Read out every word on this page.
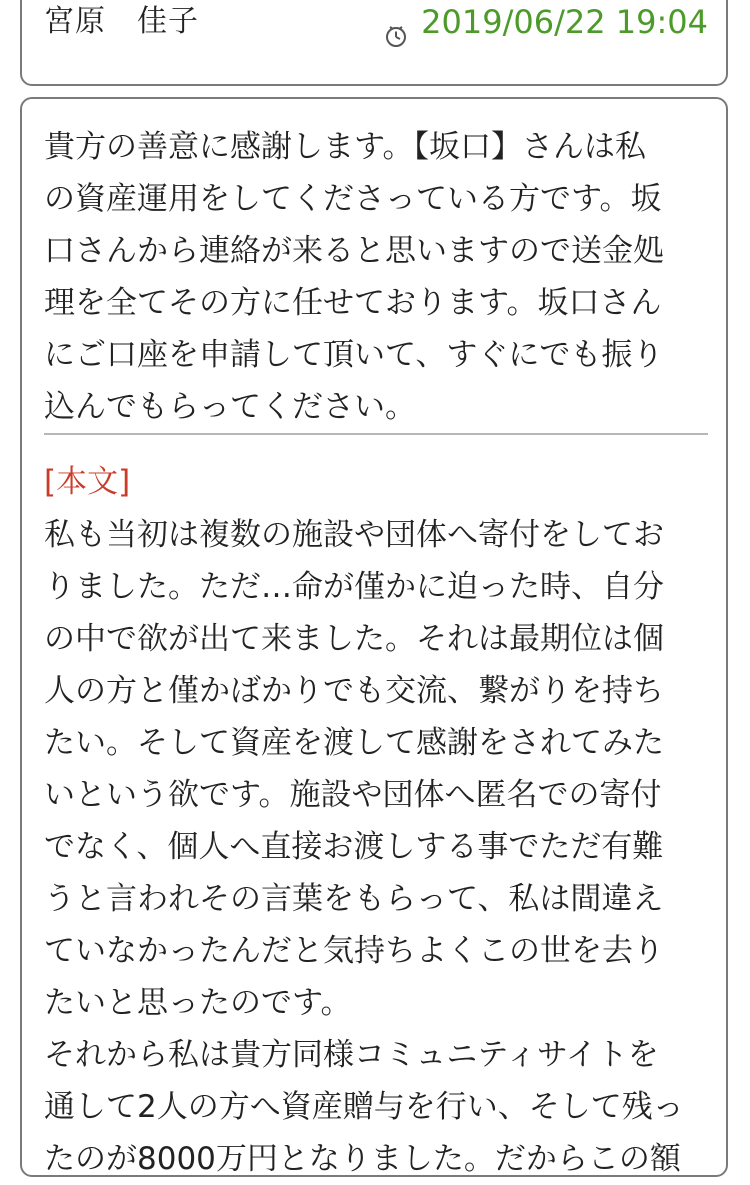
宮原　佳子	2019/06/22 19:04
貴方の善意に感謝します。【坂口】さんは私
の資産運用をしてくださっている方です。坂
口さんから連絡が来ると思いますので送金処
理を全てその方に任せております。坂口さん
にご口座を申請して頂いて、すぐにでも振り
込んでもらってください。
[本文]
私も当初は複数の施設や団体へ寄付をしてお
りました。ただ…命が僅かに迫った時、自分
の中で欲が出て来ました。それは最期位は個
人の方と僅かばかりでも交流、繋がりを持ち
たい。そして資産を渡して感謝をされてみた
いという欲です。施設や団体へ匿名での寄付
でなく、個人へ直接お渡しする事でただ有難
うと言われその言葉をもらって、私は間違え
ていなかったんだと気持ちよくこの世を去り
たいと思ったのです。
それから私は貴方同様コミュニティサイトを
通して2人の方へ資産贈与を行い、そして残っ
たのが8000万円となりました。だからこの額
